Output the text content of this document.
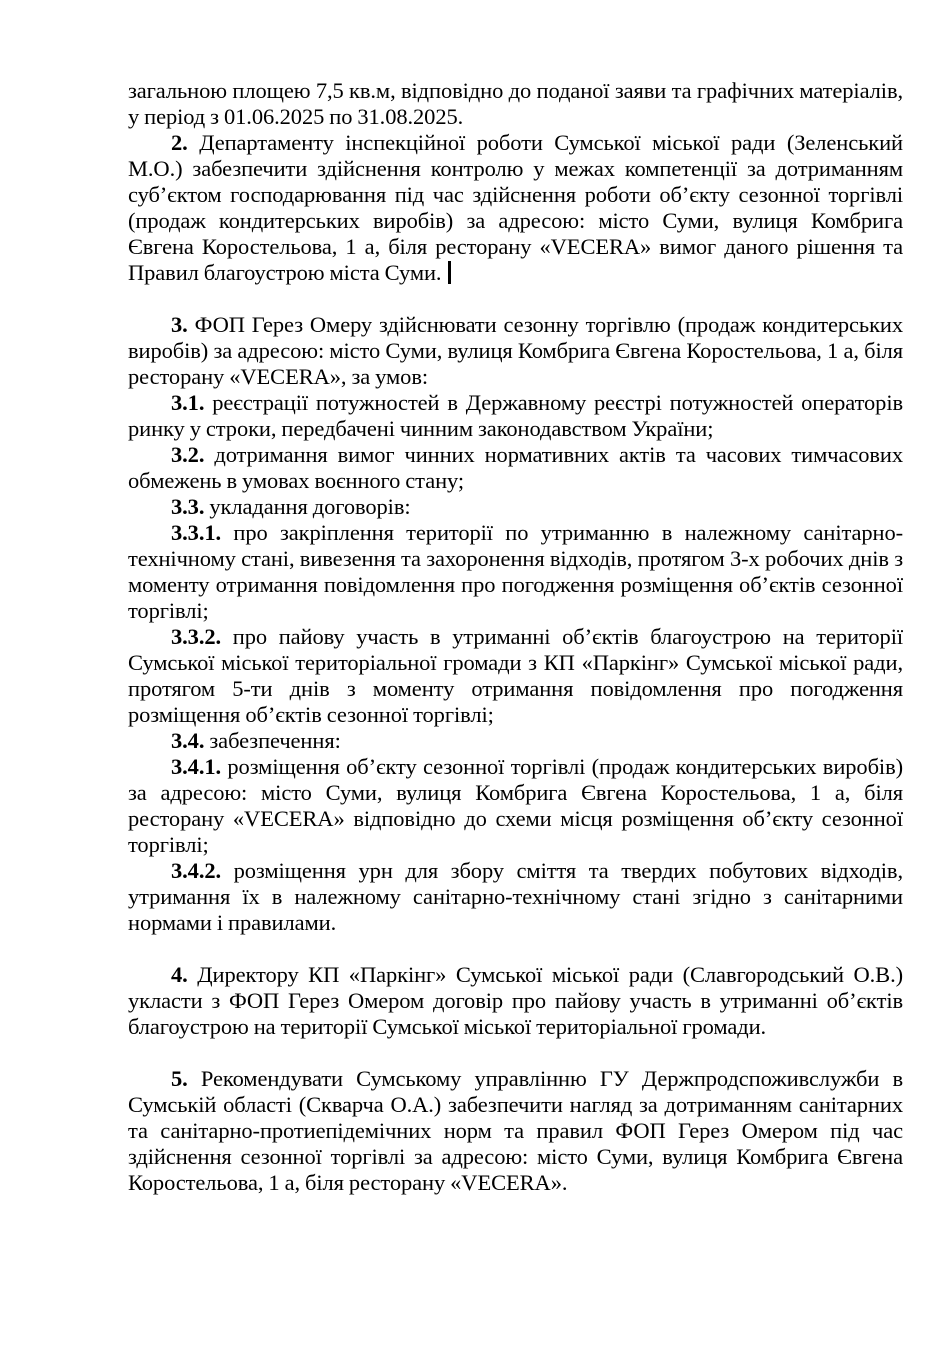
загальною площею 7,5 кв.м, відповідно до поданої заяви та графічних матеріалів, у період з 01.06.2025 по 31.08.2025.

2. Департаменту інспекційної роботи Сумської міської ради (Зеленський М.О.) забезпечити здійснення контролю у межах компетенції за дотриманням суб’єктом господарювання під час здійснення роботи об’єкту сезонної торгівлі (продаж кондитерських виробів) за адресою: місто Суми, вулиця Комбрига Євгена Коростельова, 1 а, біля ресторану «VECERA» вимог даного рішення та Правил благоустрою міста Суми.

3. ФОП Герез Омеру здійснювати сезонну торгівлю (продаж кондитерських виробів) за адресою: місто Суми, вулиця Комбрига Євгена Коростельова, 1 а, біля ресторану «VECERA», за умов:

3.1. реєстрації потужностей в Державному реєстрі потужностей операторів ринку у строки, передбачені чинним законодавством України;

3.2. дотримання вимог чинних нормативних актів та часових тимчасових обмежень в умовах воєнного стану;

3.3. укладання договорів:

3.3.1. про закріплення території по утриманню в належному санітарно-технічному стані, вивезення та захоронення відходів, протягом 3-х робочих днів з моменту отримання повідомлення про погодження розміщення об’єктів сезонної торгівлі;

3.3.2. про пайову участь в утриманні об’єктів благоустрою на території Сумської міської територіальної громади з КП «Паркінг» Сумської міської ради, протягом 5-ти днів з моменту отримання повідомлення про погодження розміщення об’єктів сезонної торгівлі;

3.4. забезпечення:

3.4.1. розміщення об’єкту сезонної торгівлі (продаж кондитерських виробів) за адресою: місто Суми, вулиця Комбрига Євгена Коростельова, 1 а, біля ресторану «VECERA» відповідно до схеми місця розміщення об’єкту сезонної торгівлі;

3.4.2. розміщення урн для збору сміття та твердих побутових відходів, утримання їх в належному санітарно-технічному стані згідно з санітарними нормами і правилами.

4. Директору КП «Паркінг» Сумської міської ради (Славгородський О.В.) укласти з ФОП Герез Омером договір про пайову участь в утриманні об’єктів благоустрою на території Сумської міської територіальної громади.

5. Рекомендувати Сумському управлінню ГУ Держпродспоживслужби в Сумській області (Скварча О.А.) забезпечити нагляд за дотриманням санітарних та санітарно-протиепідемічних норм та правил ФОП Герез Омером під час здійснення сезонної торгівлі за адресою: місто Суми, вулиця Комбрига Євгена Коростельова, 1 а, біля ресторану «VECERA».
